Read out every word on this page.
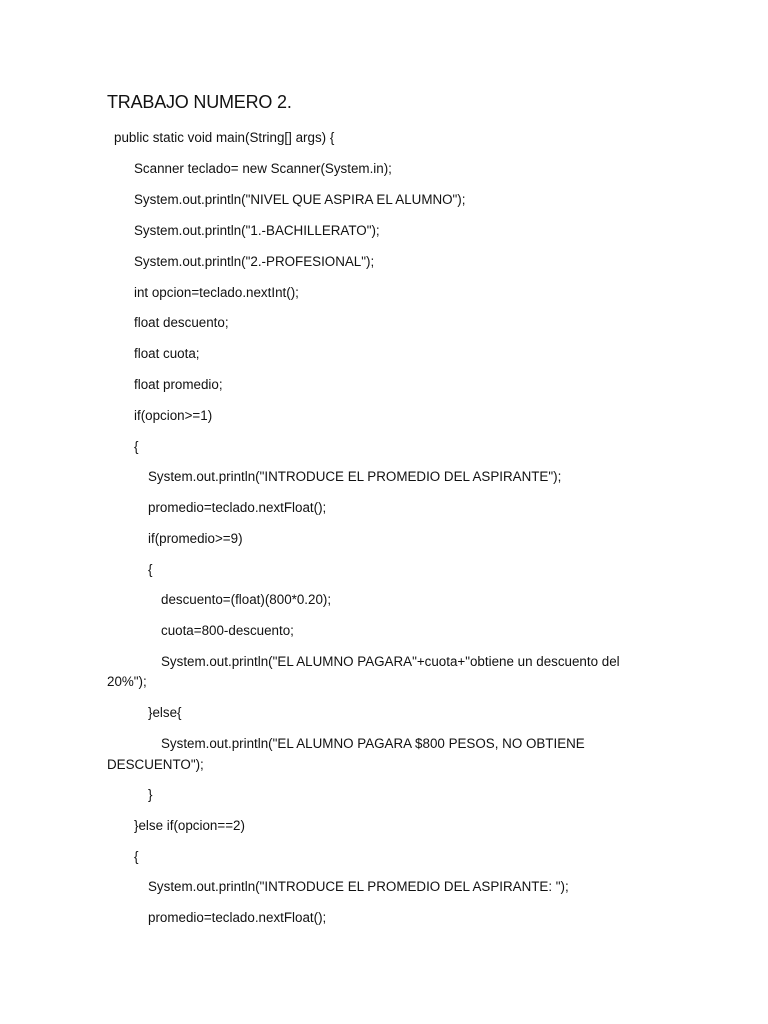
TRABAJO NUMERO 2.
public static void main(String[] args) {
Scanner teclado= new Scanner(System.in);
System.out.println("NIVEL QUE ASPIRA EL ALUMNO");
System.out.println("1.-BACHILLERATO");
System.out.println("2.-PROFESIONAL");
int opcion=teclado.nextInt();
float descuento;
float cuota;
float promedio;
if(opcion>=1)
{
System.out.println("INTRODUCE EL PROMEDIO DEL ASPIRANTE");
promedio=teclado.nextFloat();
if(promedio>=9)
{
descuento=(float)(800*0.20);
cuota=800-descuento;
System.out.println("EL ALUMNO PAGARA"+cuota+"obtiene un descuento del
20%");
}else{
System.out.println("EL ALUMNO PAGARA $800 PESOS, NO OBTIENE
DESCUENTO");
}
}else if(opcion==2)
{
System.out.println("INTRODUCE EL PROMEDIO DEL ASPIRANTE: ");
promedio=teclado.nextFloat();
